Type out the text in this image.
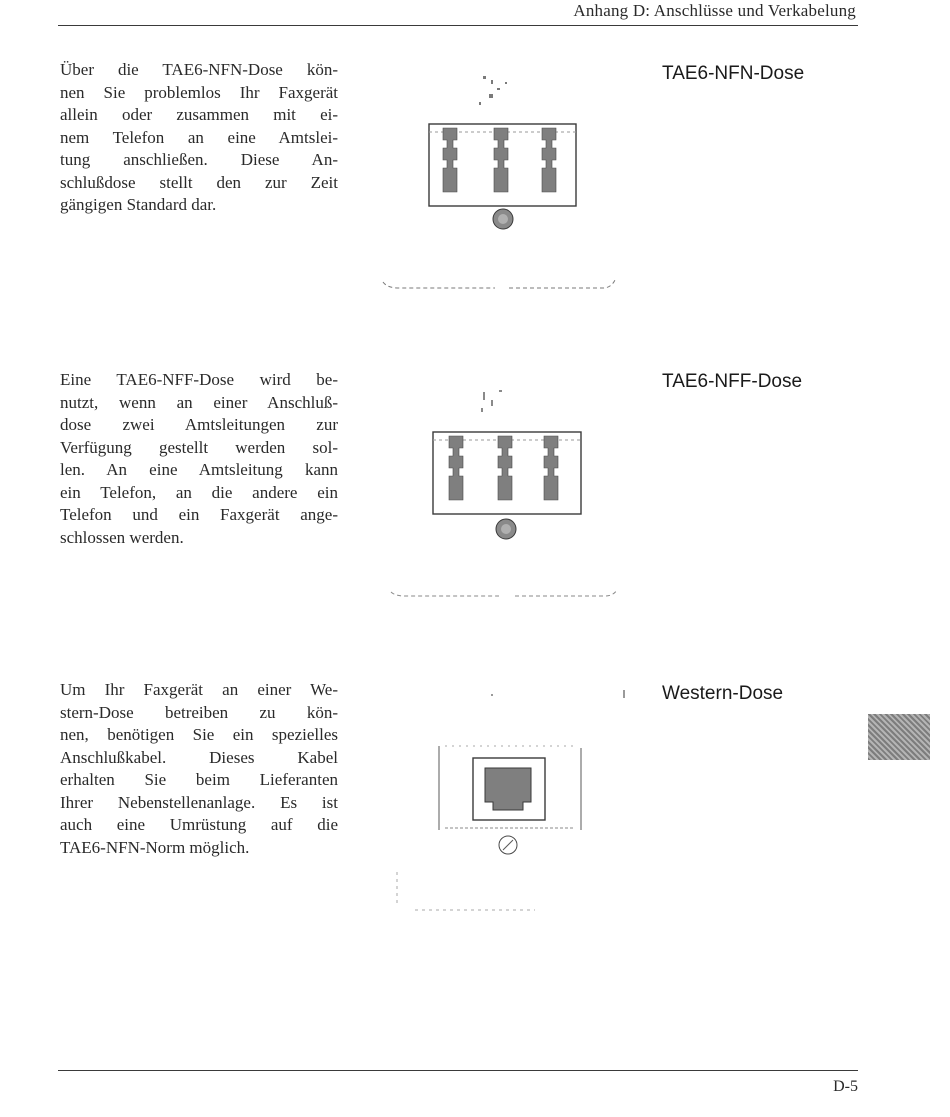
Anhang D: Anschlüsse und Verkabelung
Über die TAE6-NFN-Dose kön-
nen Sie problemlos Ihr Faxgerät
allein oder zusammen mit ei-
nem Telefon an eine Amtslei-
tung anschließen. Diese An-
schlußdose stellt den zur Zeit
gängigen Standard dar.
TAE6-NFN-Dose
Eine TAE6-NFF-Dose wird be-
nutzt, wenn an einer Anschluß-
dose zwei Amtsleitungen zur
Verfügung gestellt werden sol-
len. An eine Amtsleitung kann
ein Telefon, an die andere ein
Telefon und ein Faxgerät ange-
schlossen werden.
TAE6-NFF-Dose
Um Ihr Faxgerät an einer We-
stern-Dose betreiben zu kön-
nen, benötigen Sie ein spezielles
Anschlußkabel. Dieses Kabel
erhalten Sie beim Lieferanten
Ihrer Nebenstellenanlage. Es ist
auch eine Umrüstung auf die
TAE6-NFN-Norm möglich.
Western-Dose
D-5
